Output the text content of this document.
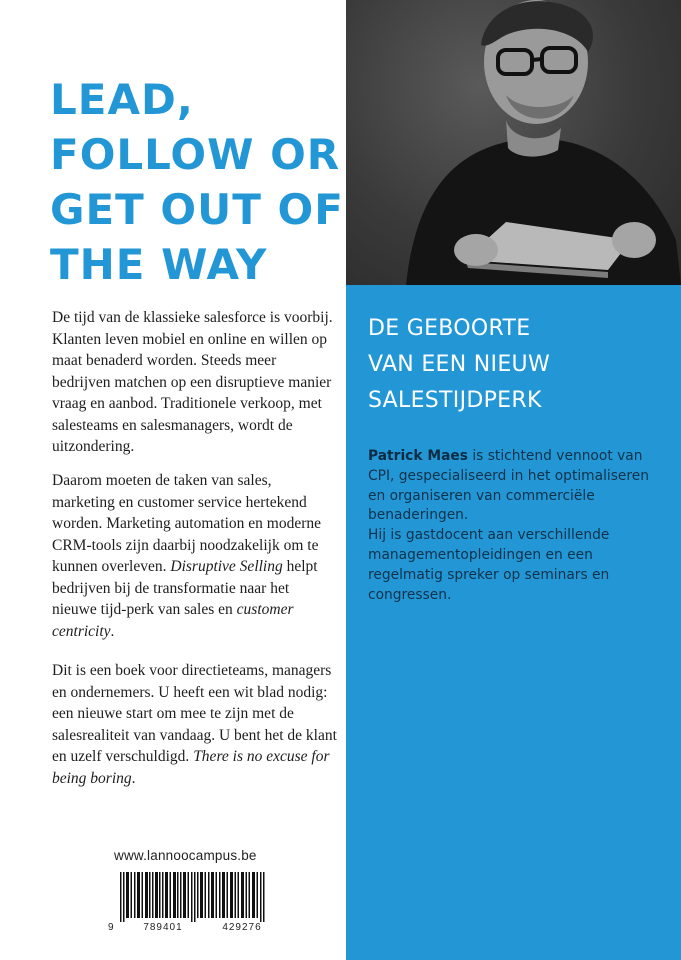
LEAD,
FOLLOW OR
GET OUT OF
THE WAY

De tijd van de klassieke salesforce is voorbij. Klanten leven mobiel en online en willen op maat benaderd worden. Steeds meer bedrijven matchen op een disruptieve manier vraag en aanbod. Traditionele verkoop, met salesteams en salesmanagers, wordt de uitzondering.

Daarom moeten de taken van sales, marketing en customer service hertekend worden. Marketing automation en moderne CRM-tools zijn daarbij noodzakelijk om te kunnen overleven. Disruptive Selling helpt bedrijven bij de transformatie naar het nieuwe tijd-perk van sales en customer centricity.

Dit is een boek voor directieteams, managers en ondernemers. U heeft een wit blad nodig: een nieuwe start om mee te zijn met de salesrealiteit van vandaag. U bent het de klant en uzelf verschuldigd. There is no excuse for being boring.

www.lannoocampus.be
9	789401	429276
DE GEBOORTE
VAN EEN NIEUW
SALESTIJDPERK

Patrick Maes is stichtend vennoot van CPI, gespecialiseerd in het optimaliseren en organiseren van commerciële benaderingen.
Hij is gastdocent aan verschillende managementopleidingen en een regelmatig spreker op seminars en congressen.
